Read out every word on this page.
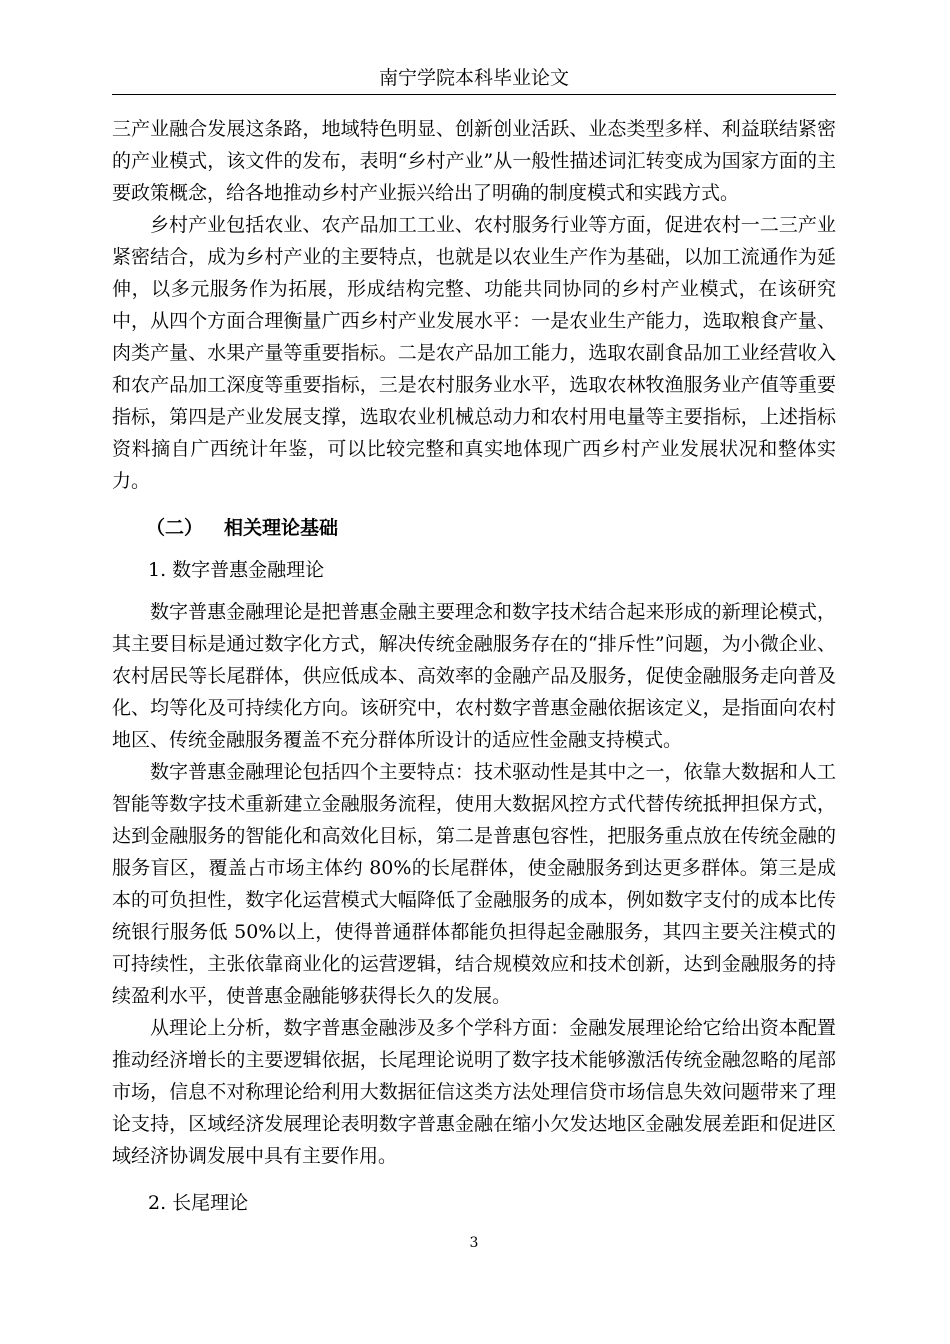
南宁学院本科毕业论文

三产业融合发展这条路，地域特色明显、创新创业活跃、业态类型多样、利益联结紧密的产业模式，该文件的发布，表明“乡村产业”从一般性描述词汇转变成为国家方面的主要政策概念，给各地推动乡村产业振兴给出了明确的制度模式和实践方式。

乡村产业包括农业、农产品加工工业、农村服务行业等方面，促进农村一二三产业紧密结合，成为乡村产业的主要特点，也就是以农业生产作为基础，以加工流通作为延伸，以多元服务作为拓展，形成结构完整、功能共同协同的乡村产业模式，在该研究中，从四个方面合理衡量广西乡村产业发展水平：一是农业生产能力，选取粮食产量、肉类产量、水果产量等重要指标。二是农产品加工能力，选取农副食品加工业经营收入和农产品加工深度等重要指标，三是农村服务业水平，选取农林牧渔服务业产值等重要指标，第四是产业发展支撑，选取农业机械总动力和农村用电量等主要指标，上述指标资料摘自广西统计年鉴，可以比较完整和真实地体现广西乡村产业发展状况和整体实力。

（二） 相关理论基础

1. 数字普惠金融理论

数字普惠金融理论是把普惠金融主要理念和数字技术结合起来形成的新理论模式，其主要目标是通过数字化方式，解决传统金融服务存在的“排斥性”问题，为小微企业、农村居民等长尾群体，供应低成本、高效率的金融产品及服务，促使金融服务走向普及化、均等化及可持续化方向。该研究中，农村数字普惠金融依据该定义，是指面向农村地区、传统金融服务覆盖不充分群体所设计的适应性金融支持模式。

数字普惠金融理论包括四个主要特点：技术驱动性是其中之一，依靠大数据和人工智能等数字技术重新建立金融服务流程，使用大数据风控方式代替传统抵押担保方式，达到金融服务的智能化和高效化目标，第二是普惠包容性，把服务重点放在传统金融的服务盲区，覆盖占市场主体约 80%的长尾群体，使金融服务到达更多群体。第三是成本的可负担性，数字化运营模式大幅降低了金融服务的成本，例如数字支付的成本比传统银行服务低 50%以上，使得普通群体都能负担得起金融服务，其四主要关注模式的可持续性，主张依靠商业化的运营逻辑，结合规模效应和技术创新，达到金融服务的持续盈利水平，使普惠金融能够获得长久的发展。

从理论上分析，数字普惠金融涉及多个学科方面：金融发展理论给它给出资本配置推动经济增长的主要逻辑依据，长尾理论说明了数字技术能够激活传统金融忽略的尾部市场，信息不对称理论给利用大数据征信这类方法处理信贷市场信息失效问题带来了理论支持，区域经济发展理论表明数字普惠金融在缩小欠发达地区金融发展差距和促进区域经济协调发展中具有主要作用。

2. 长尾理论

3
